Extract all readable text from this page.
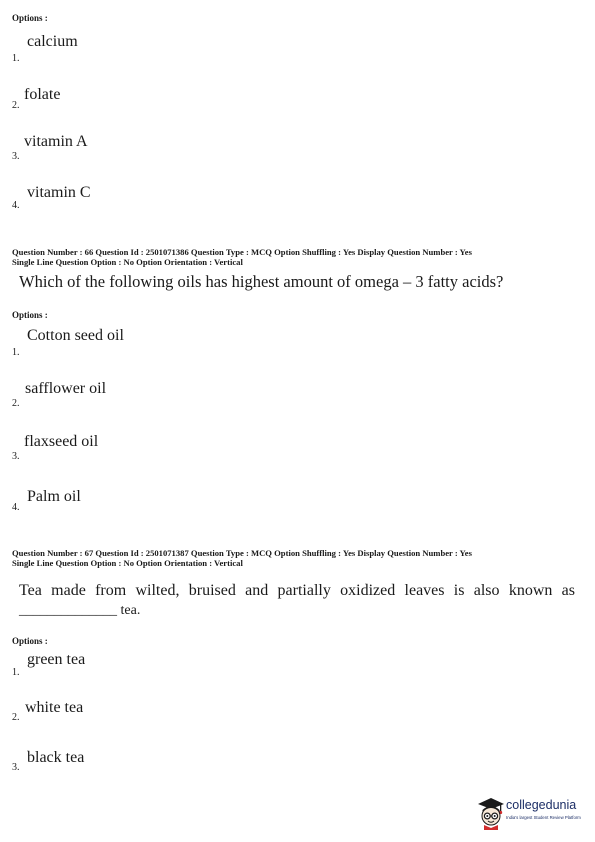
Options :
calcium
1.
folate
2.
vitamin A
3.
vitamin C
4.
Question Number : 66 Question Id : 2501071386 Question Type : MCQ Option Shuffling : Yes Display Question Number : Yes
Single Line Question Option : No Option Orientation : Vertical
Which of the following oils has highest amount of omega – 3 fatty acids?
Options :
Cotton seed oil
1.
safflower oil
2.
flaxseed oil
3.
Palm oil
4.
Question Number : 67 Question Id : 2501071387 Question Type : MCQ Option Shuffling : Yes Display Question Number : Yes
Single Line Question Option : No Option Orientation : Vertical
Tea made from wilted, bruised and partially oxidized leaves is also known as
______________ tea.
Options :
green tea
1.
white tea
2.
black tea
3.
collegedunia
India's largest Student Review Platform
